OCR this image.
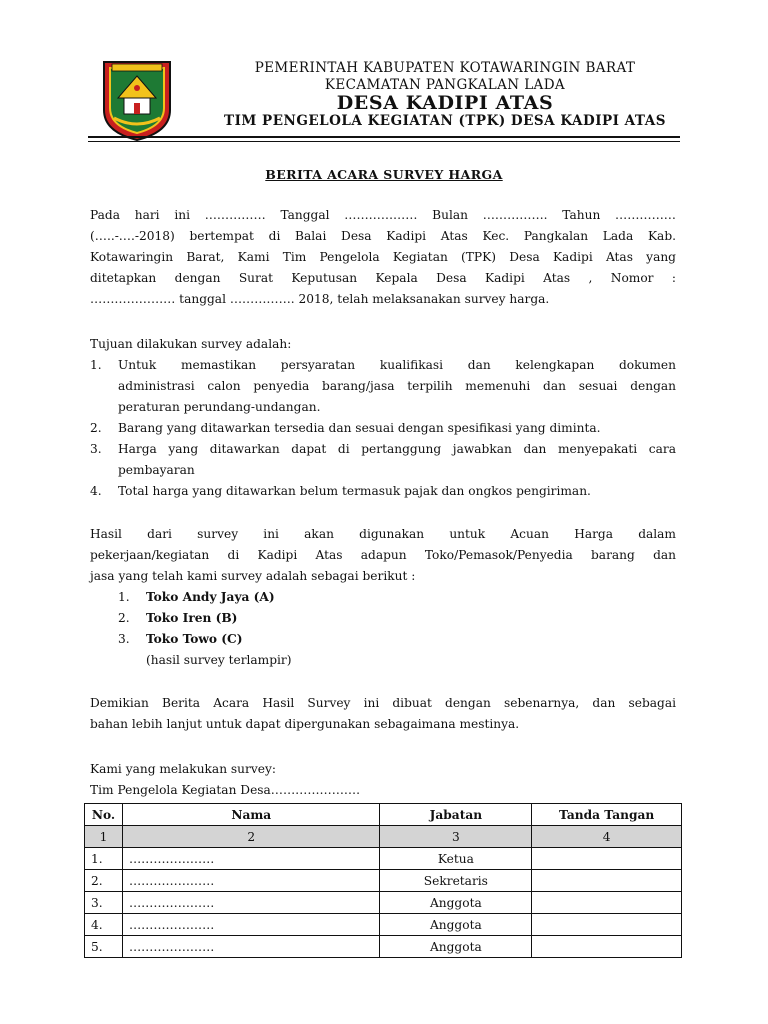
PEMERINTAH KABUPATEN KOTAWARINGIN BARAT
KECAMATAN PANGKALAN LADA
DESA KADIPI ATAS
TIM PENGELOLA KEGIATAN (TPK) DESA KADIPI ATAS
BERITA ACARA SURVEY HARGA
Pada hari ini …………… Tanggal ……………… Bulan ……………. Tahun ……………
(…..-….-2018) bertempat di Balai Desa Kadipi Atas Kec. Pangkalan Lada Kab.
Kotawaringin Barat, Kami Tim Pengelola Kegiatan (TPK) Desa Kadipi Atas yang
ditetapkan dengan Surat Keputusan Kepala Desa Kadipi Atas , Nomor :
………………… tanggal ……………. 2018, telah melaksanakan survey harga.
Tujuan dilakukan survey adalah:
1. Untuk memastikan persyaratan kualifikasi dan kelengkapan dokumen
administrasi calon penyedia barang/jasa terpilih memenuhi dan sesuai dengan
peraturan perundang-undangan.
2. Barang yang ditawarkan tersedia dan sesuai dengan spesifikasi yang diminta.
3. Harga yang ditawarkan dapat di pertanggung jawabkan dan menyepakati cara
pembayaran
4. Total harga yang ditawarkan belum termasuk pajak dan ongkos pengiriman.
Hasil dari survey ini akan digunakan untuk Acuan Harga dalam
pekerjaan/kegiatan di Kadipi Atas adapun Toko/Pemasok/Penyedia barang dan
jasa yang telah kami survey adalah sebagai berikut :
1. Toko Andy Jaya (A)
2. Toko Iren (B)
3. Toko Towo (C)
(hasil survey terlampir)
Demikian Berita Acara Hasil Survey ini dibuat dengan sebenarnya, dan sebagai
bahan lebih lanjut untuk dapat dipergunakan sebagaimana mestinya.
Kami yang melakukan survey:
Tim Pengelola Kegiatan Desa………………….
No.	Nama	Jabatan	Tanda Tangan
1	2	3	4
1.	…………………	Ketua	
2.	…………………	Sekretaris	
3.	…………………	Anggota	
4.	…………………	Anggota	
5.	…………………	Anggota	
